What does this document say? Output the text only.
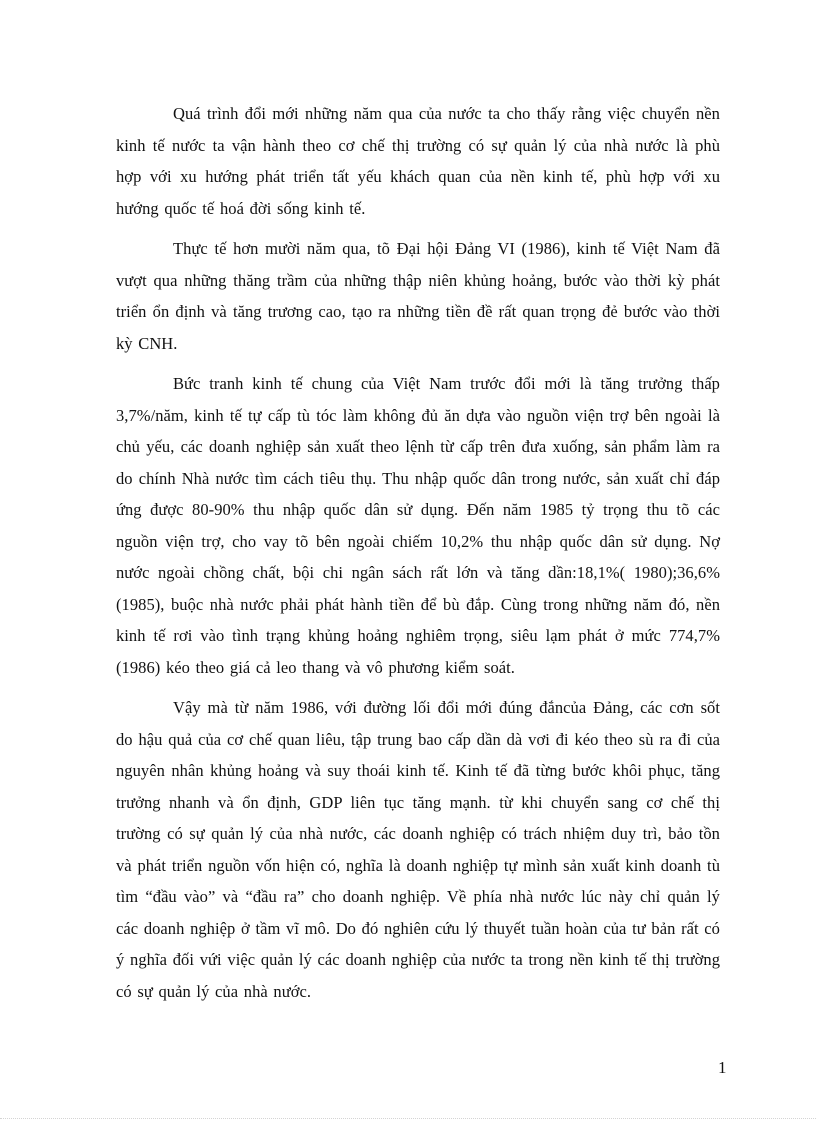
Quá trình đổi mới những năm qua của nước ta cho thấy rằng việc chuyển nền kinh tế nước ta vận hành theo cơ chế thị trường có sự quản lý của nhà nước là phù hợp với xu hướng phát triển tất yếu khách quan của nền kinh tế, phù hợp với xu hướng quốc tế hoá đời sống kinh tế.

Thực tế hơn mười năm qua, tõ Đại hội Đảng VI (1986), kinh tế Việt Nam đã vượt qua những thăng trầm của những thập niên khủng hoảng, bước vào thời kỳ phát triển ổn định và tăng trương cao, tạo ra những tiền đề rất quan trọng đẻ bước vào thời kỳ CNH.

Bức tranh kinh tế chung của Việt Nam trước đổi mới là tăng trưởng thấp 3,7%/năm, kinh tế tự cấp tù tóc làm không đủ ăn dựa vào nguồn viện trợ bên ngoài là chủ yếu, các doanh nghiệp sản xuất theo lệnh từ cấp trên đưa xuống, sản phẩm làm ra do chính Nhà nước tìm cách tiêu thụ. Thu nhập quốc dân trong nước, sản xuất chỉ đáp ứng được 80-90% thu nhập quốc dân sử dụng. Đến năm 1985 tỷ trọng thu tõ các nguồn viện trợ, cho vay tõ bên ngoài chiếm 10,2% thu nhập quốc dân sử dụng. Nợ nước ngoài chồng chất, bội chi ngân sách rất lớn và tăng dần:18,1%( 1980);36,6%(1985), buộc nhà nước phải phát hành tiền để bù đắp. Cùng trong những năm đó, nền kinh tế rơi vào tình trạng khủng hoảng nghiêm trọng, siêu lạm phát ở mức 774,7%(1986) kéo theo giá cả leo thang và vô phương kiểm soát.

Vậy mà từ năm 1986, với đường lối đổi mới đúng đắncủa Đảng, các cơn sốt do hậu quả của cơ chế quan liêu, tập trung bao cấp dần dà vơi đi kéo theo sù ra đi của nguyên nhân khủng hoảng và suy thoái kinh tế. Kinh tế đã từng bước khôi phục, tăng trưởng nhanh và ổn định, GDP liên tục tăng mạnh. từ khi chuyển sang cơ chế thị trường có sự quản lý của nhà nước, các doanh nghiệp có trách nhiệm duy trì, bảo tồn và phát triển nguồn vốn hiện có, nghĩa là doanh nghiệp tự mình sản xuất kinh doanh tù tìm “đầu vào” và “đầu ra” cho doanh nghiệp. Về phía nhà nước lúc này chỉ quản lý các doanh nghiệp ở tầm vĩ mô. Do đó nghiên cứu lý thuyết tuần hoàn của tư bản rất có ý nghĩa đối vứi việc quản lý các doanh nghiệp của nước ta trong nền kinh tế thị trường có sự quản lý của nhà nước.

1
